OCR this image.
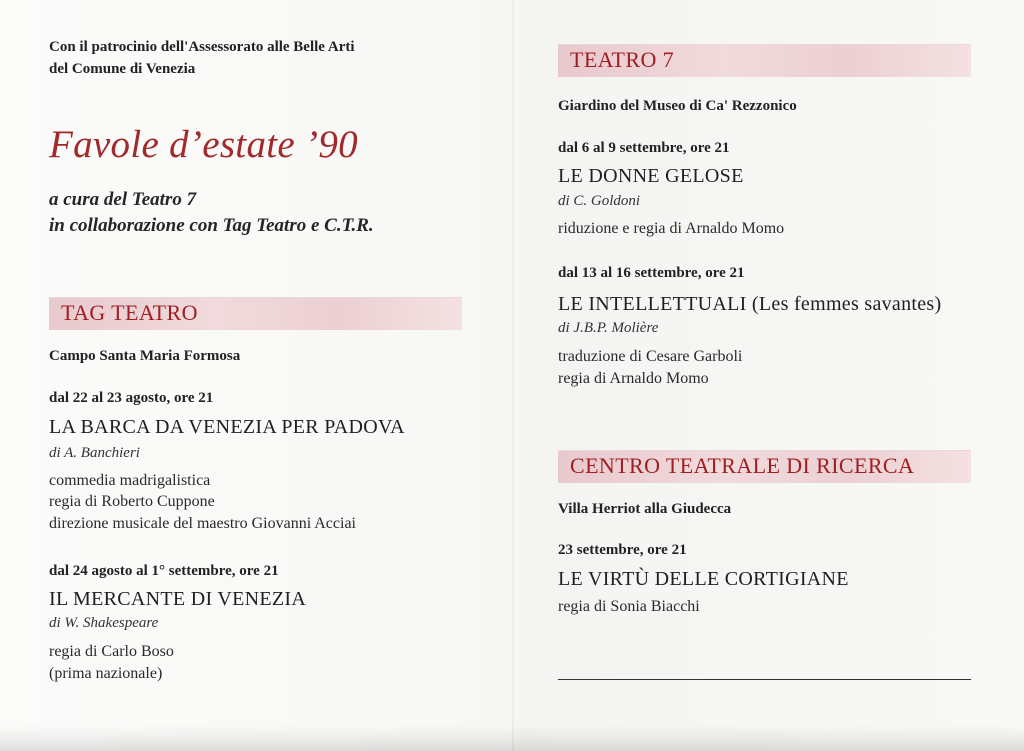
Con il patrocinio dell'Assessorato alle Belle Arti
del Comune di Venezia
Favole d’estate ’90
a cura del Teatro 7
in collaborazione con Tag Teatro e C.T.R.
TAG TEATRO
Campo Santa Maria Formosa
dal 22 al 23 agosto, ore 21
LA BARCA DA VENEZIA PER PADOVA
di A. Banchieri
commedia madrigalistica
regia di Roberto Cuppone
direzione musicale del maestro Giovanni Acciai
dal 24 agosto al 1° settembre, ore 21
IL MERCANTE DI VENEZIA
di W. Shakespeare
regia di Carlo Boso
(prima nazionale)
TEATRO 7
Giardino del Museo di Ca' Rezzonico
dal 6 al 9 settembre, ore 21
LE DONNE GELOSE
di C. Goldoni
riduzione e regia di Arnaldo Momo
dal 13 al 16 settembre, ore 21
LE INTELLETTUALI (Les femmes savantes)
di J.B.P. Molière
traduzione di Cesare Garboli
regia di Arnaldo Momo
CENTRO TEATRALE DI RICERCA
Villa Herriot alla Giudecca
23 settembre, ore 21
LE VIRTÙ DELLE CORTIGIANE
regia di Sonia Biacchi
